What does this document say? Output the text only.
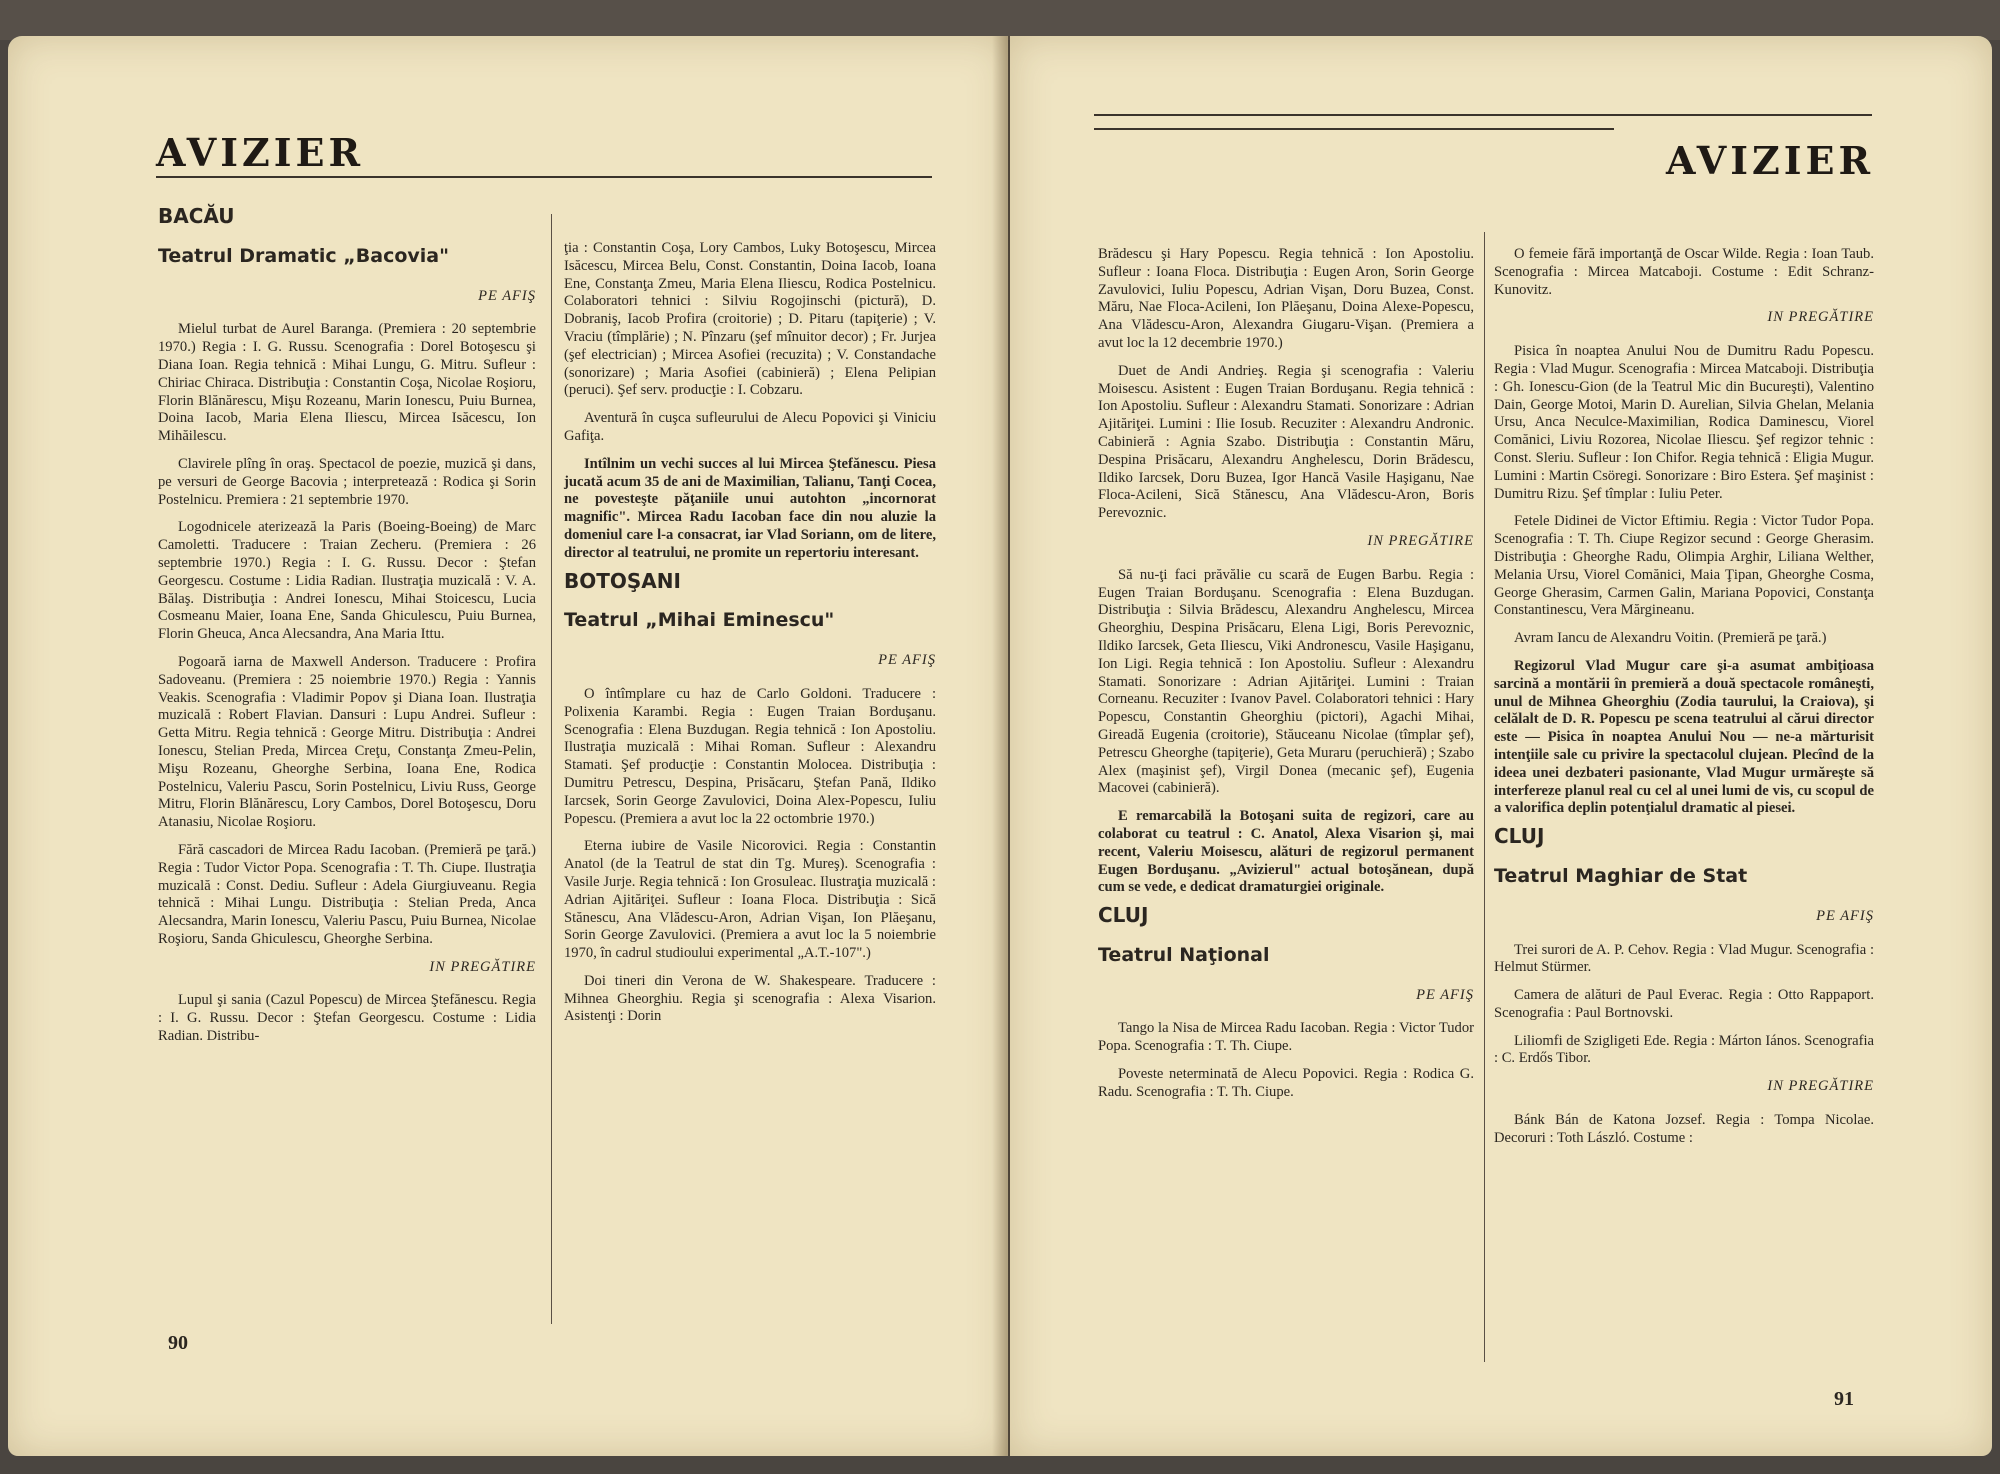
AVIZIER
BACĂU
Teatrul Dramatic „Bacovia"
PE AFIŞ

Mielul turbat de Aurel Baranga. (Premiera : 20 septembrie 1970.) Regia : I. G. Russu. Scenografia : Dorel Botoşescu şi Diana Ioan. Regia tehnică : Mihai Lungu, G. Mitru. Sufleur : Chiriac Chiraca. Distribuţia : Constantin Coşa, Nicolae Roşioru, Florin Blănărescu, Mişu Rozeanu, Marin Ionescu, Puiu Burnea, Doina Iacob, Maria Elena Iliescu, Mircea Isăcescu, Ion Mihăilescu.

Clavirele plîng în oraş. Spectacol de poezie, muzică şi dans, pe versuri de George Bacovia ; interpretează : Rodica şi Sorin Postelnicu. Premiera : 21 septembrie 1970.

Logodnicele aterizează la Paris (Boeing-Boeing) de Marc Camoletti. Traducere : Traian Zecheru. (Premiera : 26 septembrie 1970.) Regia : I. G. Russu. Decor : Ştefan Georgescu. Costume : Lidia Radian. Ilustraţia muzicală : V. A. Bălaş. Distribuţia : Andrei Ionescu, Mihai Stoicescu, Lucia Cosmeanu Maier, Ioana Ene, Sanda Ghiculescu, Puiu Burnea, Florin Gheuca, Anca Alecsandra, Ana Maria Ittu.

Pogoară iarna de Maxwell Anderson. Traducere : Profira Sadoveanu. (Premiera : 25 noiembrie 1970.) Regia : Yannis Veakis. Scenografia : Vladimir Popov şi Diana Ioan. Ilustraţia muzicală : Robert Flavian. Dansuri : Lupu Andrei. Sufleur : Getta Mitru. Regia tehnică : George Mitru. Distribuţia : Andrei Ionescu, Stelian Preda, Mircea Creţu, Constanţa Zmeu-Pelin, Mişu Rozeanu, Gheorghe Serbina, Ioana Ene, Rodica Postelnicu, Valeriu Pascu, Sorin Postelnicu, Liviu Russ, George Mitru, Florin Blănărescu, Lory Cambos, Dorel Botoşescu, Doru Atanasiu, Nicolae Roşioru.

Fără cascadori de Mircea Radu Iacoban. (Premieră pe ţară.) Regia : Tudor Victor Popa. Scenografia : T. Th. Ciupe. Ilustraţia muzicală : Const. Dediu. Sufleur : Adela Giurgiuveanu. Regia tehnică : Mihai Lungu. Distribuţia : Stelian Preda, Anca Alecsandra, Marin Ionescu, Valeriu Pascu, Puiu Burnea, Nicolae Roşioru, Sanda Ghiculescu, Gheorghe Serbina.

IN PREGĂTIRE

Lupul şi sania (Cazul Popescu) de Mircea Ştefănescu. Regia : I. G. Russu. Decor : Ştefan Georgescu. Costume : Lidia Radian. Distribu-

ţia : Constantin Coşa, Lory Cambos, Luky Botoşescu, Mircea Isăcescu, Mircea Belu, Const. Constantin, Doina Iacob, Ioana Ene, Constanţa Zmeu, Maria Elena Iliescu, Rodica Postelnicu. Colaboratori tehnici : Silviu Rogojinschi (pictură), D. Dobraniş, Iacob Profira (croitorie) ; D. Pitaru (tapiţerie) ; V. Vraciu (tîmplărie) ; N. Pînzaru (şef mînuitor decor) ; Fr. Jurjea (şef electrician) ; Mircea Asofiei (recuzita) ; V. Constandache (sonorizare) ; Maria Asofiei (cabinieră) ; Elena Pelipian (peruci). Şef serv. producţie : I. Cobzaru.

Aventură în cuşca sufleurului de Alecu Popovici şi Viniciu Gafiţa.

Intîlnim un vechi succes al lui Mircea Ştefănescu. Piesa jucată acum 35 de ani de Maximilian, Talianu, Tanţi Cocea, ne povesteşte păţaniile unui autohton „incornorat magnific". Mircea Radu Iacoban face din nou aluzie la domeniul care l-a consacrat, iar Vlad Soriann, om de litere, director al teatrului, ne promite un repertoriu interesant.

BOTOŞANI
Teatrul „Mihai Eminescu"
PE AFIŞ

O întîmplare cu haz de Carlo Goldoni. Traducere : Polixenia Karambi. Regia : Eugen Traian Borduşanu. Scenografia : Elena Buzdugan. Regia tehnică : Ion Apostoliu. Ilustraţia muzicală : Mihai Roman. Sufleur : Alexandru Stamati. Şef producţie : Constantin Molocea. Distribuţia : Dumitru Petrescu, Despina, Prisăcaru, Ştefan Pană, Ildiko Iarcsek, Sorin George Zavulovici, Doina Alex-Popescu, Iuliu Popescu. (Premiera a avut loc la 22 octombrie 1970.)

Eterna iubire de Vasile Nicorovici. Regia : Constantin Anatol (de la Teatrul de stat din Tg. Mureş). Scenografia : Vasile Jurje. Regia tehnică : Ion Grosuleac. Ilustraţia muzicală : Adrian Ajităriţei. Sufleur : Ioana Floca. Distribuţia : Sică Stănescu, Ana Vlădescu-Aron, Adrian Vişan, Ion Plăeşanu, Sorin George Zavulovici. (Premiera a avut loc la 5 noiembrie 1970, în cadrul studioului experimental „A.T.-107".)

Doi tineri din Verona de W. Shakespeare. Traducere : Mihnea Gheorghiu. Regia şi scenografia : Alexa Visarion. Asistenţi : Dorin

90
AVIZIER

Brădescu şi Hary Popescu. Regia tehnică : Ion Apostoliu. Sufleur : Ioana Floca. Distribuţia : Eugen Aron, Sorin George Zavulovici, Iuliu Popescu, Adrian Vişan, Doru Buzea, Const. Măru, Nae Floca-Acileni, Ion Plăeşanu, Doina Alexe-Popescu, Ana Vlădescu-Aron, Alexandra Giugaru-Vişan. (Premiera a avut loc la 12 decembrie 1970.)

Duet de Andi Andrieş. Regia şi scenografia : Valeriu Moisescu. Asistent : Eugen Traian Borduşanu. Regia tehnică : Ion Apostoliu. Sufleur : Alexandru Stamati. Sonorizare : Adrian Ajităriţei. Lumini : Ilie Iosub. Recuziter : Alexandru Andronic. Cabinieră : Agnia Szabo. Distribuţia : Constantin Măru, Despina Prisăcaru, Alexandru Anghelescu, Dorin Brădescu, Ildiko Iarcsek, Doru Buzea, Igor Hancă Vasile Haşiganu, Nae Floca-Acileni, Sică Stănescu, Ana Vlădescu-Aron, Boris Perevoznic.

IN PREGĂTIRE

Să nu-ţi faci prăvălie cu scară de Eugen Barbu. Regia : Eugen Traian Borduşanu. Scenografia : Elena Buzdugan. Distribuţia : Silvia Brădescu, Alexandru Anghelescu, Mircea Gheorghiu, Despina Prisăcaru, Elena Ligi, Boris Perevoznic, Ildiko Iarcsek, Geta Iliescu, Viki Andronescu, Vasile Haşiganu, Ion Ligi. Regia tehnică : Ion Apostoliu. Sufleur : Alexandru Stamati. Sonorizare : Adrian Ajităriţei. Lumini : Traian Corneanu. Recuziter : Ivanov Pavel. Colaboratori tehnici : Hary Popescu, Constantin Gheorghiu (pictori), Agachi Mihai, Gireadă Eugenia (croitorie), Stăuceanu Nicolae (tîmplar şef), Petrescu Gheorghe (tapiţerie), Geta Muraru (peruchieră) ; Szabo Alex (maşinist şef), Virgil Donea (mecanic şef), Eugenia Macovei (cabinieră).

E remarcabilă la Botoşani suita de regizori, care au colaborat cu teatrul : C. Anatol, Alexa Visarion şi, mai recent, Valeriu Moisescu, alături de regizorul permanent Eugen Borduşanu. „Avizierul" actual botoşănean, după cum se vede, e dedicat dramaturgiei originale.

CLUJ
Teatrul Naţional
PE AFIŞ

Tango la Nisa de Mircea Radu Iacoban. Regia : Victor Tudor Popa. Scenografia : T. Th. Ciupe.

Poveste neterminată de Alecu Popovici. Regia : Rodica G. Radu. Scenografia : T. Th. Ciupe.

O femeie fără importanţă de Oscar Wilde. Regia : Ioan Taub. Scenografia : Mircea Matcaboji. Costume : Edit Schranz-Kunovitz.

IN PREGĂTIRE

Pisica în noaptea Anului Nou de Dumitru Radu Popescu. Regia : Vlad Mugur. Scenografia : Mircea Matcaboji. Distribuţia : Gh. Ionescu-Gion (de la Teatrul Mic din Bucureşti), Valentino Dain, George Motoi, Marin D. Aurelian, Silvia Ghelan, Melania Ursu, Anca Neculce-Maximilian, Rodica Daminescu, Viorel Comănici, Liviu Rozorea, Nicolae Iliescu. Şef regizor tehnic : Const. Sleriu. Sufleur : Ion Chifor. Regia tehnică : Eligia Mugur. Lumini : Martin Csöregi. Sonorizare : Biro Estera. Şef maşinist : Dumitru Rizu. Şef tîmplar : Iuliu Peter.

Fetele Didinei de Victor Eftimiu. Regia : Victor Tudor Popa. Scenografia : T. Th. Ciupe Regizor secund : George Gherasim. Distribuţia : Gheorghe Radu, Olimpia Arghir, Liliana Welther, Melania Ursu, Viorel Comănici, Maia Ţipan, Gheorghe Cosma, George Gherasim, Carmen Galin, Mariana Popovici, Constanţa Constantinescu, Vera Mărgineanu.

Avram Iancu de Alexandru Voitin. (Premieră pe ţară.)

Regizorul Vlad Mugur care şi-a asumat ambiţioasa sarcină a montării în premieră a două spectacole româneşti, unul de Mihnea Gheorghiu (Zodia taurului, la Craiova), şi celălalt de D. R. Popescu pe scena teatrului al cărui director este — Pisica în noaptea Anului Nou — ne-a mărturisit intenţiile sale cu privire la spectacolul clujean. Plecînd de la ideea unei dezbateri pasionante, Vlad Mugur urmăreşte să interfereze planul real cu cel al unei lumi de vis, cu scopul de a valorifica deplin potenţialul dramatic al piesei.

CLUJ
Teatrul Maghiar de Stat
PE AFIŞ

Trei surori de A. P. Cehov. Regia : Vlad Mugur. Scenografia : Helmut Stürmer.

Camera de alături de Paul Everac. Regia : Otto Rappaport. Scenografia : Paul Bortnovski.

Liliomfi de Szigligeti Ede. Regia : Márton Iános. Scenografia : C. Erdős Tibor.

IN PREGĂTIRE

Bánk Bán de Katona Jozsef. Regia : Tompa Nicolae. Decoruri : Toth László. Costume :

91
